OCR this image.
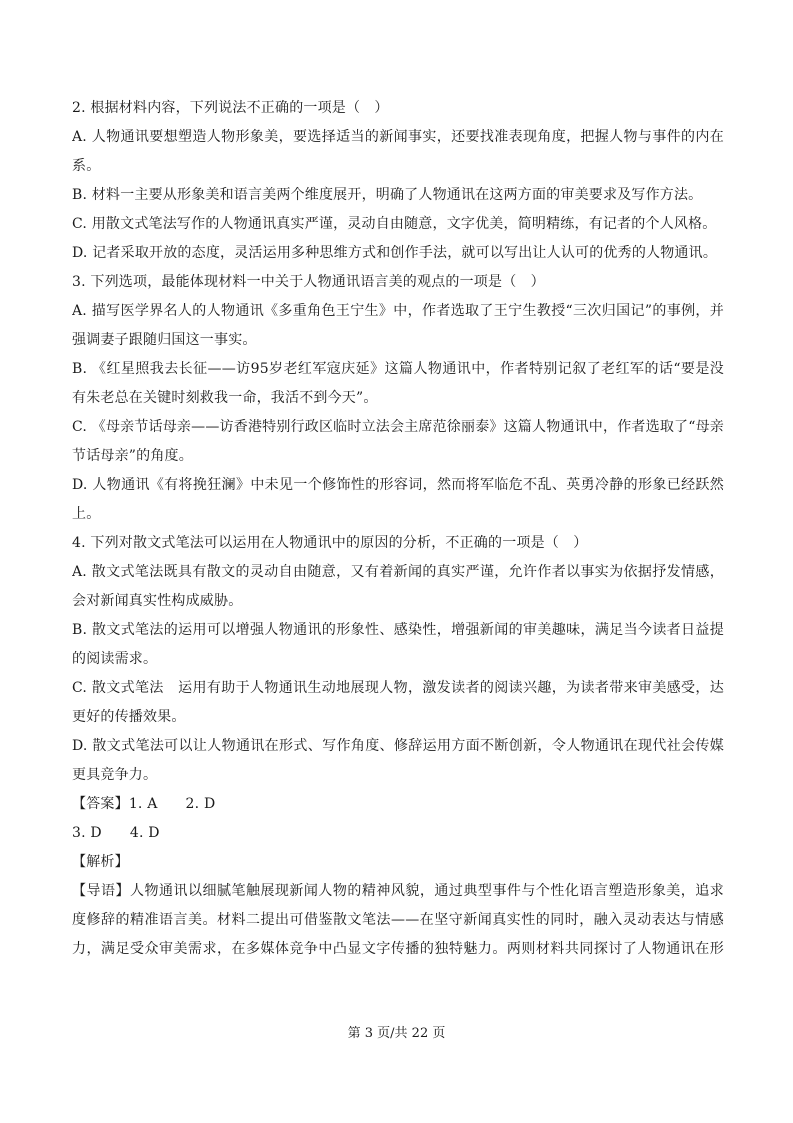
2. 根据材料内容，下列说法不正确的一项是（　）
A. 人物通讯要想塑造人物形象美，要选择适当的新闻事实，还要找准表现角度，把握人物与事件的内在
系。
B. 材料一主要从形象美和语言美两个维度展开，明确了人物通讯在这两方面的审美要求及写作方法。
C. 用散文式笔法写作的人物通讯真实严谨，灵动自由随意，文字优美，简明精练，有记者的个人风格。
D. 记者采取开放的态度，灵活运用多种思维方式和创作手法，就可以写出让人认可的优秀的人物通讯。
3. 下列选项，最能体现材料一中关于人物通讯语言美的观点的一项是（　）
A. 描写医学界名人的人物通讯《多重角色王宁生》中，作者选取了王宁生教授“三次归国记”的事例，并
强调妻子跟随归国这一事实。
B. 《红星照我去长征——访95岁老红军寇庆延》这篇人物通讯中，作者特别记叙了老红军的话“要是没
有朱老总在关键时刻救我一命，我活不到今天”。
C. 《母亲节话母亲——访香港特别行政区临时立法会主席范徐丽泰》这篇人物通讯中，作者选取了“母亲
节话母亲”的角度。
D. 人物通讯《有将挽狂澜》中未见一个修饰性的形容词，然而将军临危不乱、英勇冷静的形象已经跃然
上。
4. 下列对散文式笔法可以运用在人物通讯中的原因的分析，不正确的一项是（　）
A. 散文式笔法既具有散文的灵动自由随意，又有着新闻的真实严谨，允许作者以事实为依据抒发情感，
会对新闻真实性构成威胁。
B. 散文式笔法的运用可以增强人物通讯的形象性、感染性，增强新闻的审美趣味，满足当今读者日益提
的阅读需求。
C. 散文式笔法　运用有助于人物通讯生动地展现人物，激发读者的阅读兴趣，为读者带来审美感受，达
更好的传播效果。
D. 散文式笔法可以让人物通讯在形式、写作角度、修辞运用方面不断创新，令人物通讯在现代社会传媒
更具竞争力。
【答案】1. A 2. D
3. D 4. D
【解析】
【导语】人物通讯以细腻笔触展现新闻人物的精神风貌，通过典型事件与个性化语言塑造形象美，追求
度修辞的精准语言美。材料二提出可借鉴散文笔法——在坚守新闻真实性的同时，融入灵动表达与情感
力，满足受众审美需求，在多媒体竞争中凸显文字传播的独特魅力。两则材料共同探讨了人物通讯在形
第 3 页/共 22 页
